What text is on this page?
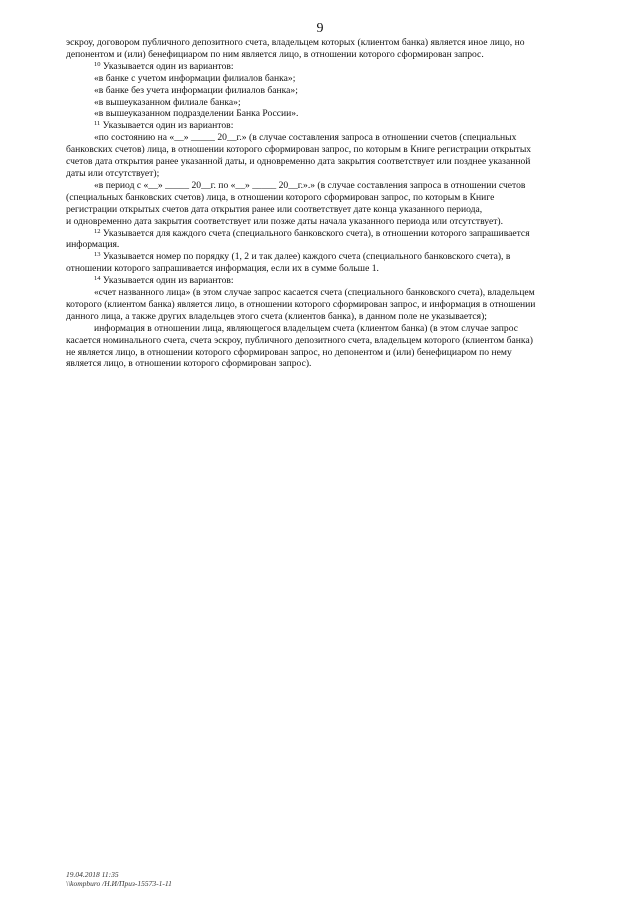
9

эскроу, договором публичного депозитного счета, владельцем которых (клиентом банка) является иное лицо, но

депонентом и (или) бенефициаром по ним является лицо, в отношении которого сформирован запрос.

$^{10}$ Указывается один из вариантов:

«в банке с учетом информации филиалов банка»;

«в банке без учета информации филиалов банка»;

«в вышеуказанном филиале банка»;

«в вышеуказанном подразделении Банка России».

$^{11}$ Указывается один из вариантов:

«по состоянию на «__» _____ 20__г.» (в случае составления запроса в отношении счетов (специальных

банковских счетов) лица, в отношении которого сформирован запрос, по которым в Книге регистрации открытых

счетов дата открытия ранее указанной даты, и одновременно дата закрытия соответствует или позднее указанной

даты или отсутствует);

«в период с «__» _____ 20__г. по «__» _____ 20__г.».» (в случае составления запроса в отношении счетов

(специальных банковских счетов) лица, в отношении которого сформирован запрос, по которым в Книге

регистрации открытых счетов дата открытия ранее или соответствует дате конца указанного периода,

и одновременно дата закрытия соответствует или позже даты начала указанного периода или отсутствует).

$^{12}$ Указывается для каждого счета (специального банковского счета), в отношении которого запрашивается

информация.

$^{13}$ Указывается номер по порядку (1, 2 и так далее) каждого счета (специального банковского счета), в

отношении которого запрашивается информация, если их в сумме больше 1.

$^{14}$ Указывается один из вариантов:

«счет названного лица» (в этом случае запрос касается счета (специального банковского счета), владельцем

которого (клиентом банка) является лицо, в отношении которого сформирован запрос, и информация в отношении

данного лица, а также других владельцев этого счета (клиентов банка), в данном поле не указывается);

информация в отношении лица, являющегося владельцем счета (клиентом банка) (в этом случае запрос

касается номинального счета, счета эскроу, публичного депозитного счета, владельцем которого (клиентом банка)

не является лицо, в отношении которого сформирован запрос, но депонентом и (или) бенефициаром по нему

является лицо, в отношении которого сформирован запрос).

19.04.2018 11:35
\\kompburo /Н.И/Приз-15573-1-11
